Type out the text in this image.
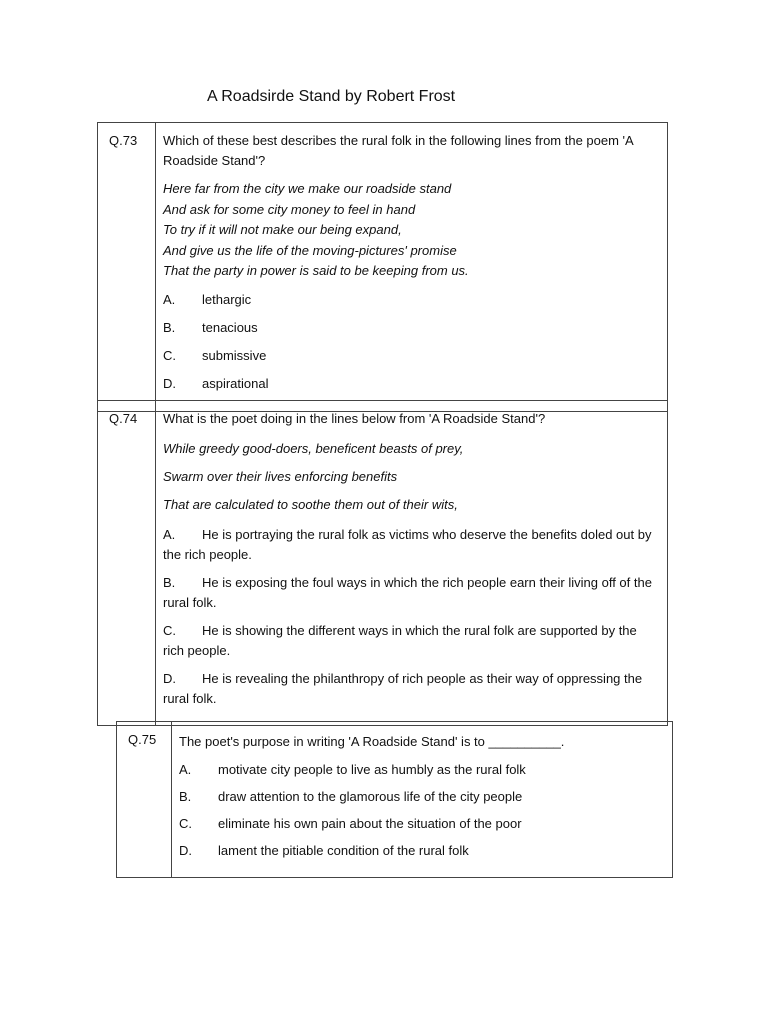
A Roadsirde Stand by Robert Frost
Q.73	Which of these best describes the rural folk in the following lines from the poem 'A Roadside Stand'?
Here far from the city we make our roadside stand
And ask for some city money to feel in hand
To try if it will not make our being expand,
And give us the life of the moving-pictures' promise
That the party in power is said to be keeping from us.
A.	lethargic
B.	tenacious
C.	submissive
D.	aspirational
Q.74	What is the poet doing in the lines below from 'A Roadside Stand'?
While greedy good-doers, beneficent beasts of prey,
Swarm over their lives enforcing benefits
That are calculated to soothe them out of their wits,
A. He is portraying the rural folk as victims who deserve the benefits doled out by the rich people.
B. He is exposing the foul ways in which the rich people earn their living off of the rural folk.
C. He is showing the different ways in which the rural folk are supported by the rich people.
D. He is revealing the philanthropy of rich people as their way of oppressing the rural folk.
Q.75	The poet's purpose in writing 'A Roadside Stand' is to __________.
A.	motivate city people to live as humbly as the rural folk
B.	draw attention to the glamorous life of the city people
C.	eliminate his own pain about the situation of the poor
D.	lament the pitiable condition of the rural folk
